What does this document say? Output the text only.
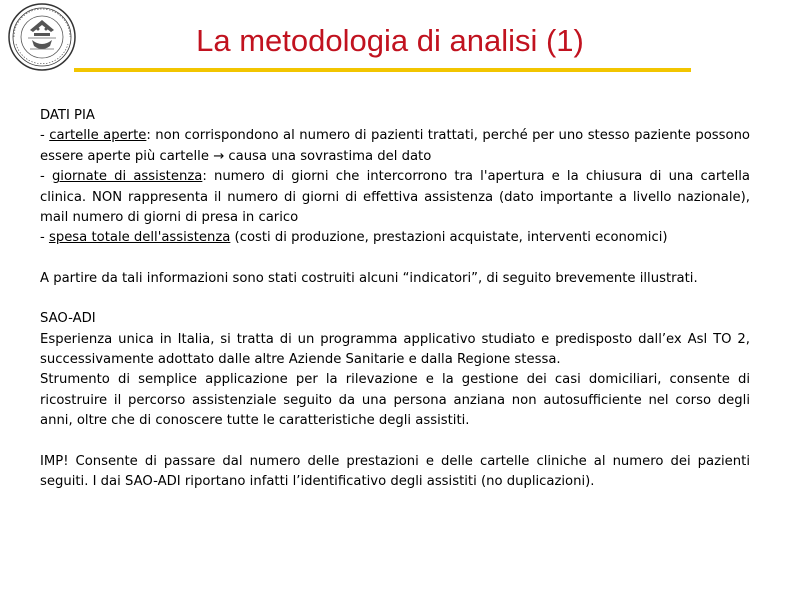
La metodologia di analisi (1)

DATI PIA

- cartelle aperte: non corrispondono al numero di pazienti trattati, perché per uno stesso paziente possono essere aperte più cartelle → causa una sovrastima del dato

- giornate di assistenza: numero di giorni che intercorrono tra l'apertura e la chiusura di una cartella clinica. NON rappresenta il numero di giorni di effettiva assistenza (dato importante a livello nazionale), mail numero di giorni di presa in carico

- spesa totale dell'assistenza (costi di produzione, prestazioni acquistate, interventi economici)

A partire da tali informazioni sono stati costruiti alcuni “indicatori”, di seguito brevemente illustrati.

SAO-ADI

Esperienza unica in Italia, si tratta di un programma applicativo studiato e predisposto dall’ex Asl TO 2, successivamente adottato dalle altre Aziende Sanitarie e dalla Regione stessa.

Strumento di semplice applicazione per la rilevazione e la gestione dei casi domiciliari, consente di ricostruire il percorso assistenziale seguito da una persona anziana non autosufficiente nel corso degli anni, oltre che di conoscere tutte le caratteristiche degli assistiti.

IMP! Consente di passare dal numero delle prestazioni e delle cartelle cliniche al numero dei pazienti seguiti. I dai SAO-ADI riportano infatti l’identificativo degli assistiti (no duplicazioni).
